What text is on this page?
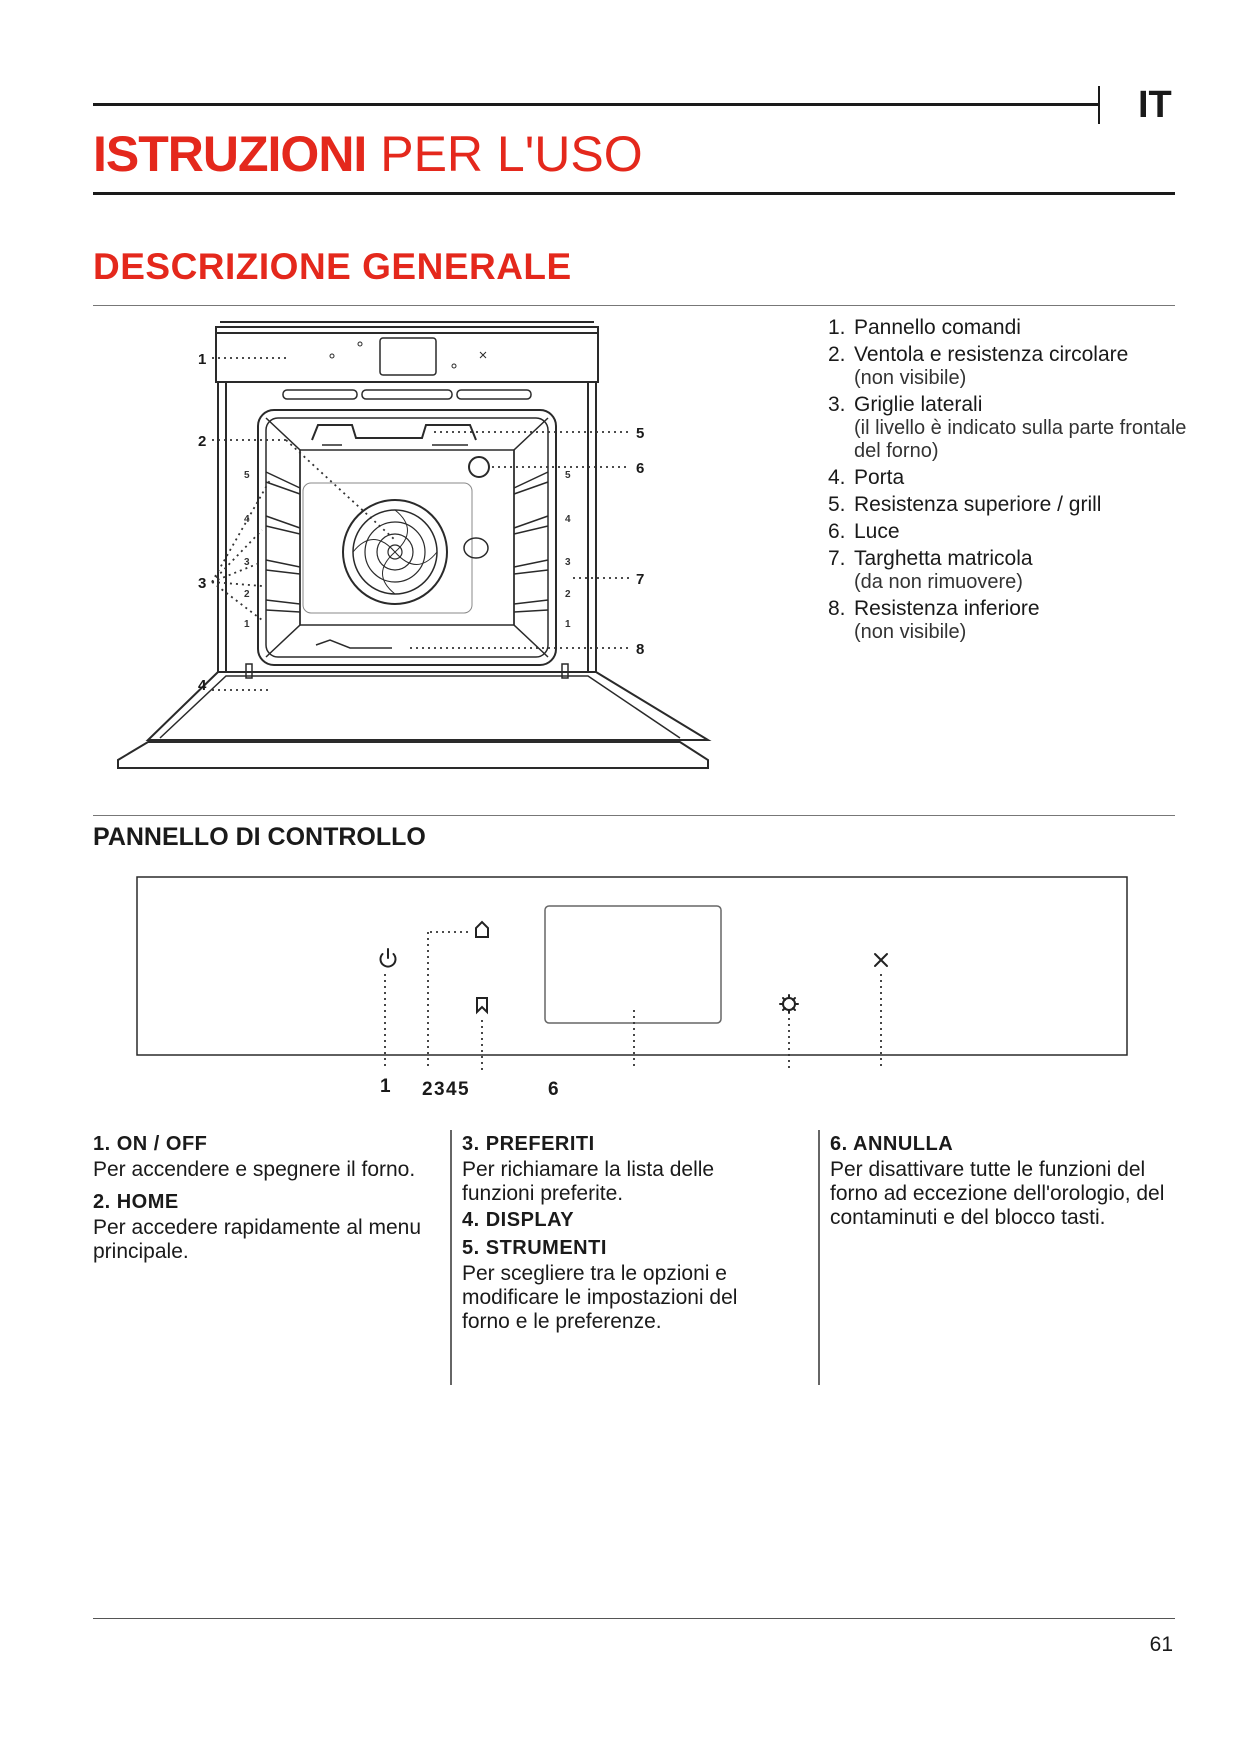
IT
ISTRUZIONI PER L'USO
DESCRIZIONE GENERALE
1
2
3
4
5
6
7
8
5
4
3
2
1
5
4
3
2
1
1. Pannello comandi
2. Ventola e resistenza circolare
(non visibile)
3. Griglie laterali
(il livello è indicato sulla parte frontale del forno)
4. Porta
5. Resistenza superiore / grill
6. Luce
7. Targhetta matricola
(da non rimuovere)
8. Resistenza inferiore
(non visibile)
PANNELLO DI CONTROLLO
1 2 3 4 5	6
1. ON / OFF
Per accendere e spegnere il forno.
2. HOME
Per accedere rapidamente al menu principale.
3. PREFERITI
Per richiamare la lista delle funzioni preferite.
4. DISPLAY
5. STRUMENTI
Per scegliere tra le opzioni e modificare le impostazioni del forno e le preferenze.
6. ANNULLA
Per disattivare tutte le funzioni del forno ad eccezione dell'orologio, del contaminuti e del blocco tasti.
61
